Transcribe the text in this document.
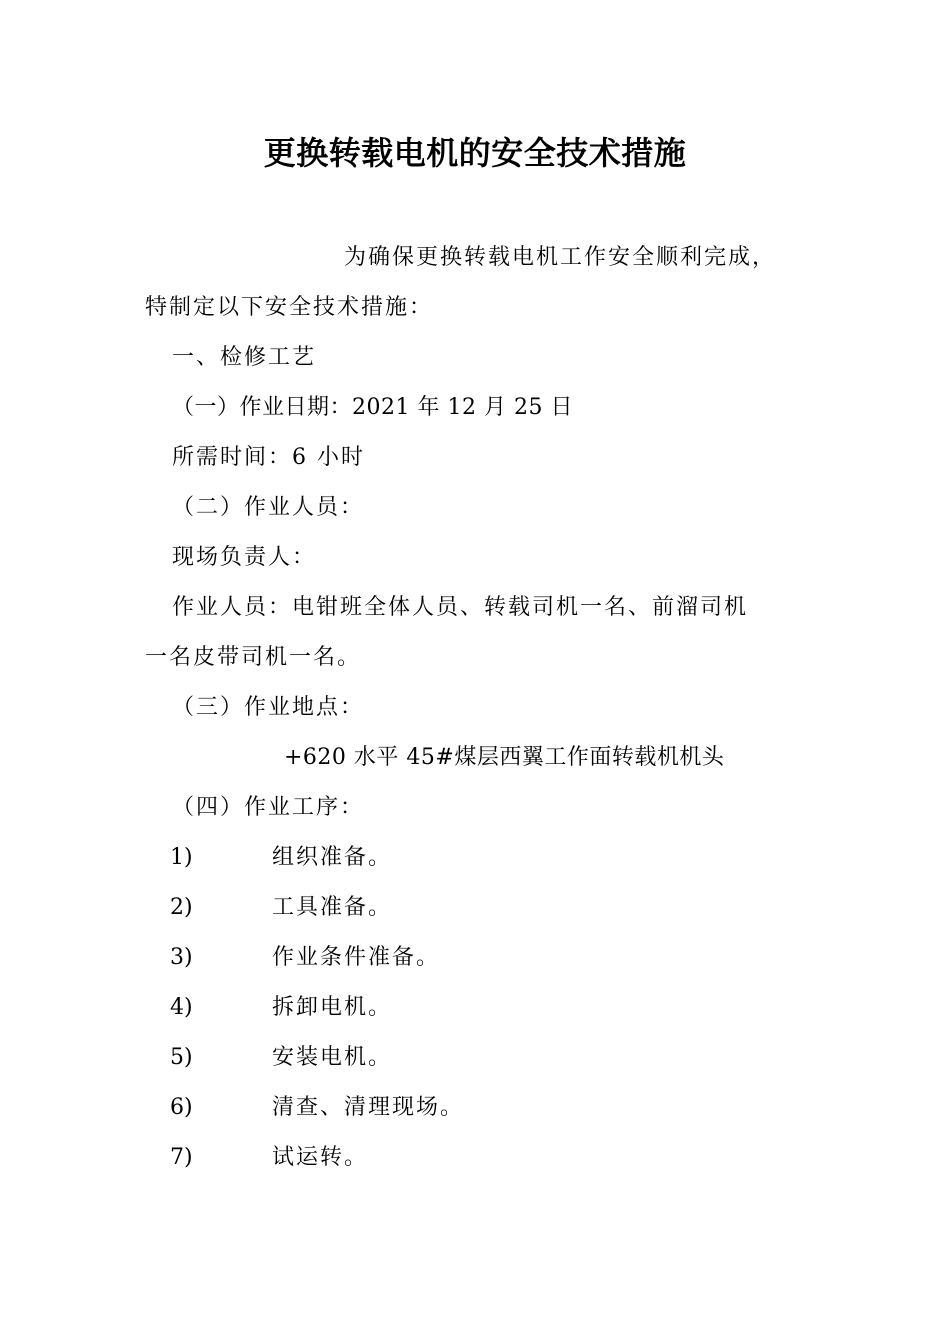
更换转载电机的安全技术措施
为确保更换转载电机工作安全顺利完成，
特制定以下安全技术措施：
一、检修工艺
（一）作业日期：2021 年 12 月 25 日
所需时间：6 小时
（二）作业人员：
现场负责人：
作业人员：电钳班全体人员、转载司机一名、前溜司机
一名皮带司机一名。
（三）作业地点：
+620 水平 45#煤层西翼工作面转载机机头
（四）作业工序：
1)	组织准备。
2)	工具准备。
3)	作业条件准备。
4)	拆卸电机。
5)	安装电机。
6)	清查、清理现场。
7)	试运转。
